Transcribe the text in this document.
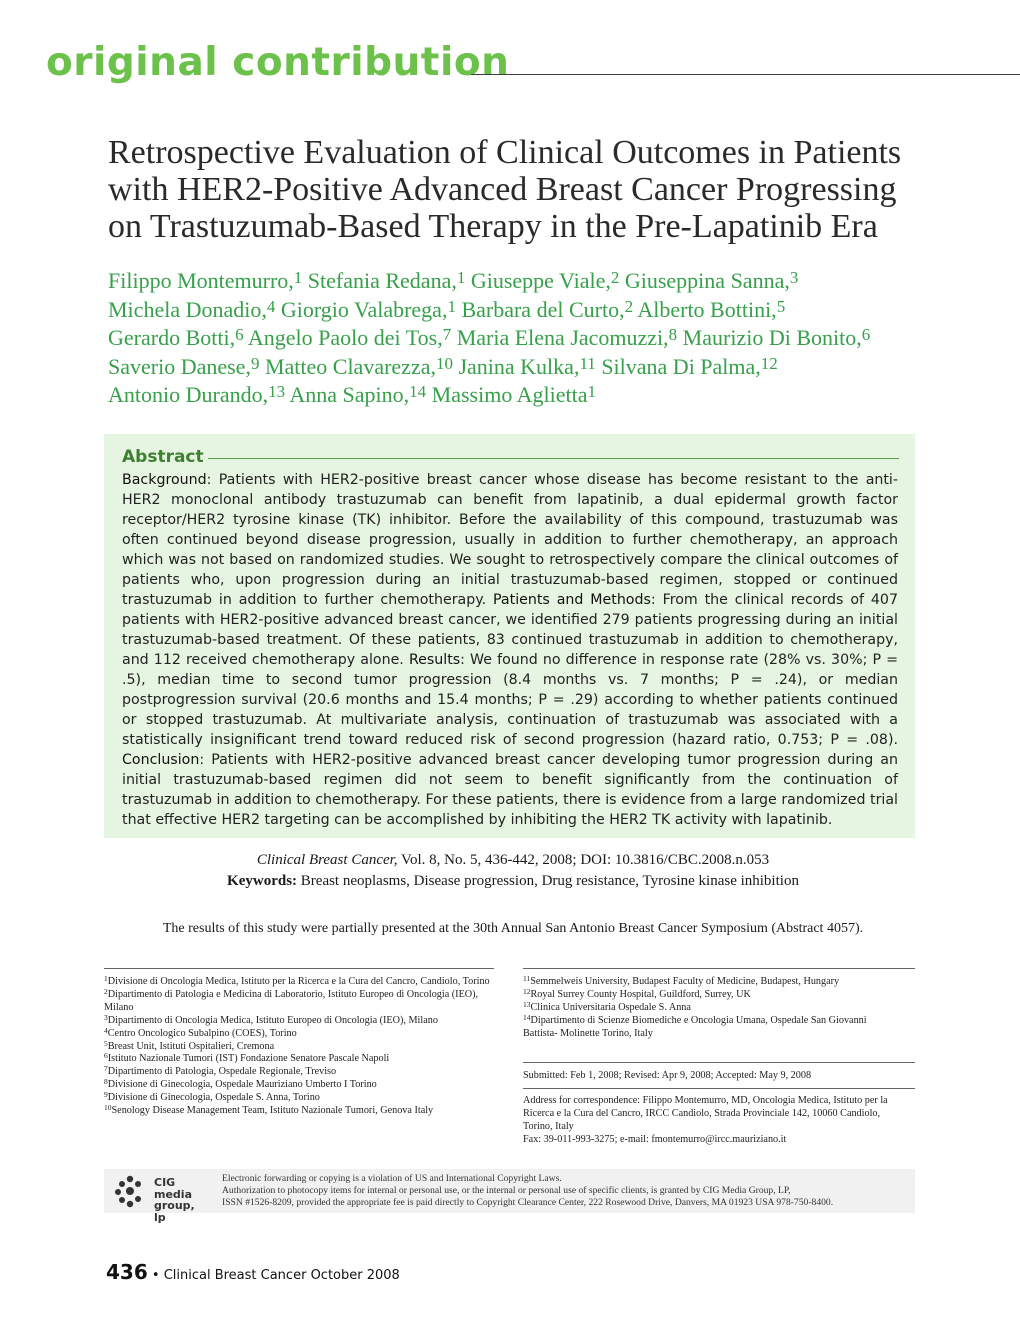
original contribution
Retrospective Evaluation of Clinical Outcomes in Patients
with HER2-Positive Advanced Breast Cancer Progressing
on Trastuzumab-Based Therapy in the Pre-Lapatinib Era
Filippo Montemurro,$^1$ Stefania Redana,$^1$ Giuseppe Viale,$^2$ Giuseppina Sanna,$^3$
Michela Donadio,$^4$ Giorgio Valabrega,$^1$ Barbara del Curto,$^2$ Alberto Bottini,$^5$
Gerardo Botti,$^6$ Angelo Paolo dei Tos,$^7$ Maria Elena Jacomuzzi,$^8$ Maurizio Di Bonito,$^6$
Saverio Danese,$^9$ Matteo Clavarezza,$^{10}$ Janina Kulka,$^{11}$ Silvana Di Palma,$^{12}$
Antonio Durando,$^{13}$ Anna Sapino,$^{14}$ Massimo Aglietta$^1$
Abstract
Background: Patients with HER2-positive breast cancer whose disease has become resistant to the anti-HER2 monoclonal antibody trastuzumab can benefit from lapatinib, a dual epidermal growth factor receptor/HER2 tyrosine kinase (TK) inhibitor. Before the availability of this compound, trastuzumab was often continued beyond disease progression, usually in addition to further chemotherapy, an approach which was not based on randomized studies. We sought to retrospectively compare the clinical outcomes of patients who, upon progression during an initial trastuzumab-based regimen, stopped or continued trastuzumab in addition to further chemotherapy. Patients and Methods: From the clinical records of 407 patients with HER2-positive advanced breast cancer, we identified 279 patients progressing during an initial trastuzumab-based treatment. Of these patients, 83 continued trastuzumab in addition to chemotherapy, and 112 received chemotherapy alone. Results: We found no difference in response rate (28% vs. 30%; P = .5), median time to second tumor progression (8.4 months vs. 7 months; P = .24), or median postprogression survival (20.6 months and 15.4 months; P = .29) according to whether patients continued or stopped trastuzumab. At multivariate analysis, continuation of trastuzumab was associated with a statistically insignificant trend toward reduced risk of second progression (hazard ratio, 0.753; P = .08). Conclusion: Patients with HER2-positive advanced breast cancer developing tumor progression during an initial trastuzumab-based regimen did not seem to benefit significantly from the continuation of trastuzumab in addition to chemotherapy. For these patients, there is evidence from a large randomized trial that effective HER2 targeting can be accomplished by inhibiting the HER2 TK activity with lapatinib.
Clinical Breast Cancer, Vol. 8, No. 5, 436-442, 2008; DOI: 10.3816/CBC.2008.n.053
Keywords: Breast neoplasms, Disease progression, Drug resistance, Tyrosine kinase inhibition
The results of this study were partially presented at the 30th Annual San Antonio Breast Cancer Symposium (Abstract 4057).
$^1$Divisione di Oncologia Medica, Istituto per la Ricerca e la Cura del Cancro, Candiolo, Torino
$^2$Dipartimento di Patologia e Medicina di Laboratorio, Istituto Europeo di Oncologia (IEO), Milano
$^3$Dipartimento di Oncologia Medica, Istituto Europeo di Oncologia (IEO), Milano
$^4$Centro Oncologico Subalpino (COES), Torino
$^5$Breast Unit, Istituti Ospitalieri, Cremona
$^6$Istituto Nazionale Tumori (IST) Fondazione Senatore Pascale Napoli
$^7$Dipartimento di Patologia, Ospedale Regionale, Treviso
$^8$Divisione di Ginecologia, Ospedale Mauriziano Umberto I Torino
$^9$Divisione di Ginecologia, Ospedale S. Anna, Torino
$^{10}$Senology Disease Management Team, Istituto Nazionale Tumori, Genova Italy
$^{11}$Semmelweis University, Budapest Faculty of Medicine, Budapest, Hungary
$^{12}$Royal Surrey County Hospital, Guildford, Surrey, UK
$^{13}$Clinica Universitaria Ospedale S. Anna
$^{14}$Dipartimento di Scienze Biomediche e Oncologia Umana, Ospedale San Giovanni Battista- Molinette Torino, Italy
Submitted: Feb 1, 2008; Revised: Apr 9, 2008; Accepted: May 9, 2008
Address for correspondence: Filippo Montemurro, MD, Oncologia Medica, Istituto per la Ricerca e la Cura del Cancro, IRCC Candiolo, Strada Provinciale 142, 10060 Candiolo, Torino, Italy
Fax: 39-011-993-3275; e-mail: fmontemurro@ircc.mauriziano.it
CIG
media
group, lp
Electronic forwarding or copying is a violation of US and International Copyright Laws.
Authorization to photocopy items for internal or personal use, or the internal or personal use of specific clients, is granted by CIG Media Group, LP,
ISSN #1526-8209, provided the appropriate fee is paid directly to Copyright Clearance Center, 222 Rosewood Drive, Danvers, MA 01923 USA 978-750-8400.
436 • Clinical Breast Cancer October 2008
